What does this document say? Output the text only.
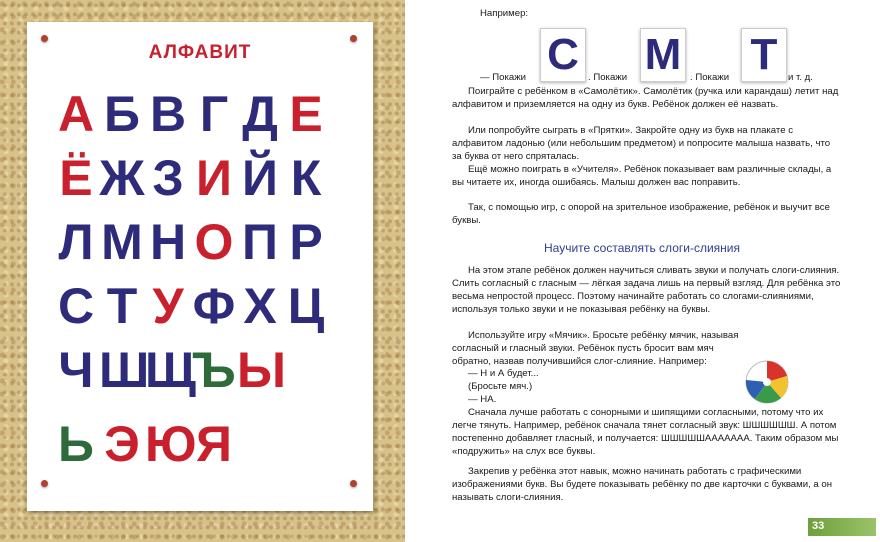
АЛФАВИТ
А Б В Г Д Е
Ё Ж З И Й К
Л М Н О П Р
С Т У Ф Х Ц
Ч Ш
Щ
Ъ Ы
Ь Э Ю Я
Например:
С М Т
— Покажи	. Покажи	. Покажи	и т. д.
Поиграйте с ребёнком в «Самолётик». Самолётик (ручка или карандаш) летит над алфавитом и приземляется на одну из букв. Ребёнок должен её назвать.
Или попробуйте сыграть в «Прятки». Закройте одну из букв на плакате с алфавитом ладонью (или небольшим предметом) и попросите малыша назвать, что за буква от него спряталась.
Ещё можно поиграть в «Учителя». Ребёнок показывает вам различные склады, а вы читаете их, иногда ошибаясь. Малыш должен вас поправить.
Так, с помощью игр, с опорой на зрительное изображение, ребёнок и выучит все буквы.
Научите составлять слоги-слияния
На этом этапе ребёнок должен научиться сливать звуки и получать слоги-слияния. Слить согласный с гласным — лёгкая задача лишь на первый взгляд. Для ребёнка это весьма непростой процесс. Поэтому начинайте работать со слогами-слияниями, используя только звуки и не показывая ребёнку на буквы.
Используйте игру «Мячик». Бросьте ребёнку мячик, называя согласный и гласный звуки. Ребёнок пусть бросит вам мяч обратно, назвав получившийся слог-слияние. Например:
— Н и А будет...
(Бросьте мяч.)
— НА.
Сначала лучше работать с сонорными и шипящими согласными, потому что их легче тянуть. Например, ребёнок сначала тянет согласный звук: ШШШШШШ. А потом постепенно добавляет гласный, и получается: ШШШШШААААААА. Таким образом мы «подружить» на слух все буквы.
Закрепив у ребёнка этот навык, можно начинать работать с графическими изображениями букв. Вы будете показывать ребёнку по две карточки с буквами, а он называть слоги-слияния.
33
